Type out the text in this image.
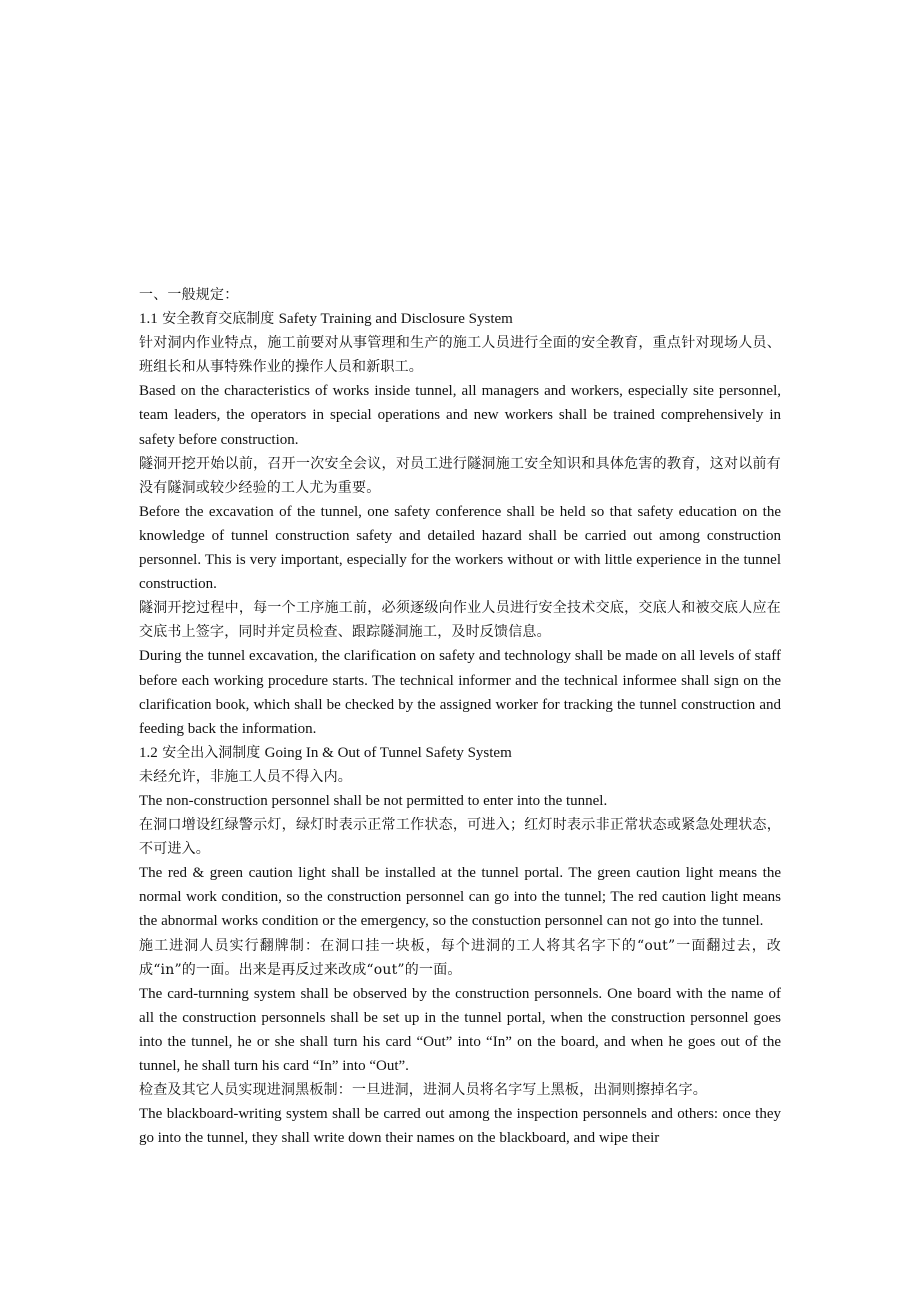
一、一般规定：

1.1 安全教育交底制度 Safety Training and Disclosure System

针对洞内作业特点，施工前要对从事管理和生产的施工人员进行全面的安全教育，重点针对现场人员、班组长和从事特殊作业的操作人员和新职工。

Based on the characteristics of works inside tunnel, all managers and workers, especially site personnel, team leaders, the operators in special operations and new workers shall be trained comprehensively in safety before construction.

隧洞开挖开始以前，召开一次安全会议，对员工进行隧洞施工安全知识和具体危害的教育，这对以前有没有隧洞或较少经验的工人尤为重要。

Before the excavation of the tunnel, one safety conference shall be held so that safety education on the knowledge of tunnel construction safety and detailed hazard shall be carried out among construction personnel. This is very important, especially for the workers without or with little experience in the tunnel construction.

隧洞开挖过程中，每一个工序施工前，必须逐级向作业人员进行安全技术交底，交底人和被交底人应在交底书上签字，同时并定员检查、跟踪隧洞施工，及时反馈信息。

During the tunnel excavation, the clarification on safety and technology shall be made on all levels of staff before each working procedure starts. The technical informer and the technical informee shall sign on the clarification book, which shall be checked by the assigned worker for tracking the tunnel construction and feeding back the information.

1.2 安全出入洞制度 Going In & Out of Tunnel Safety System

未经允许，非施工人员不得入内。

The non-construction personnel shall be not permitted to enter into the tunnel.

在洞口增设红绿警示灯，绿灯时表示正常工作状态，可进入；红灯时表示非正常状态或紧急处理状态，不可进入。

The red & green caution light shall be installed at the tunnel portal. The green caution light means the normal work condition, so the construction personnel can go into the tunnel; The red caution light means the abnormal works condition or the emergency, so the constuction personnel can not go into the tunnel.

施工进洞人员实行翻牌制：在洞口挂一块板，每个进洞的工人将其名字下的“out”一面翻过去，改成“in”的一面。出来是再反过来改成“out”的一面。

The card-turnning system shall be observed by the construction personnels. One board with the name of all the construction personnels shall be set up in the tunnel portal, when the construction personnel goes into the tunnel, he or she shall turn his card “Out” into “In” on the board, and when he goes out of the tunnel, he shall turn his card “In” into “Out”.

检查及其它人员实现进洞黑板制：一旦进洞，进洞人员将名字写上黑板，出洞则擦掉名字。

The blackboard-writing system shall be carred out among the inspection personnels and others: once they go into the tunnel, they shall write down their names on the blackboard, and wipe their
